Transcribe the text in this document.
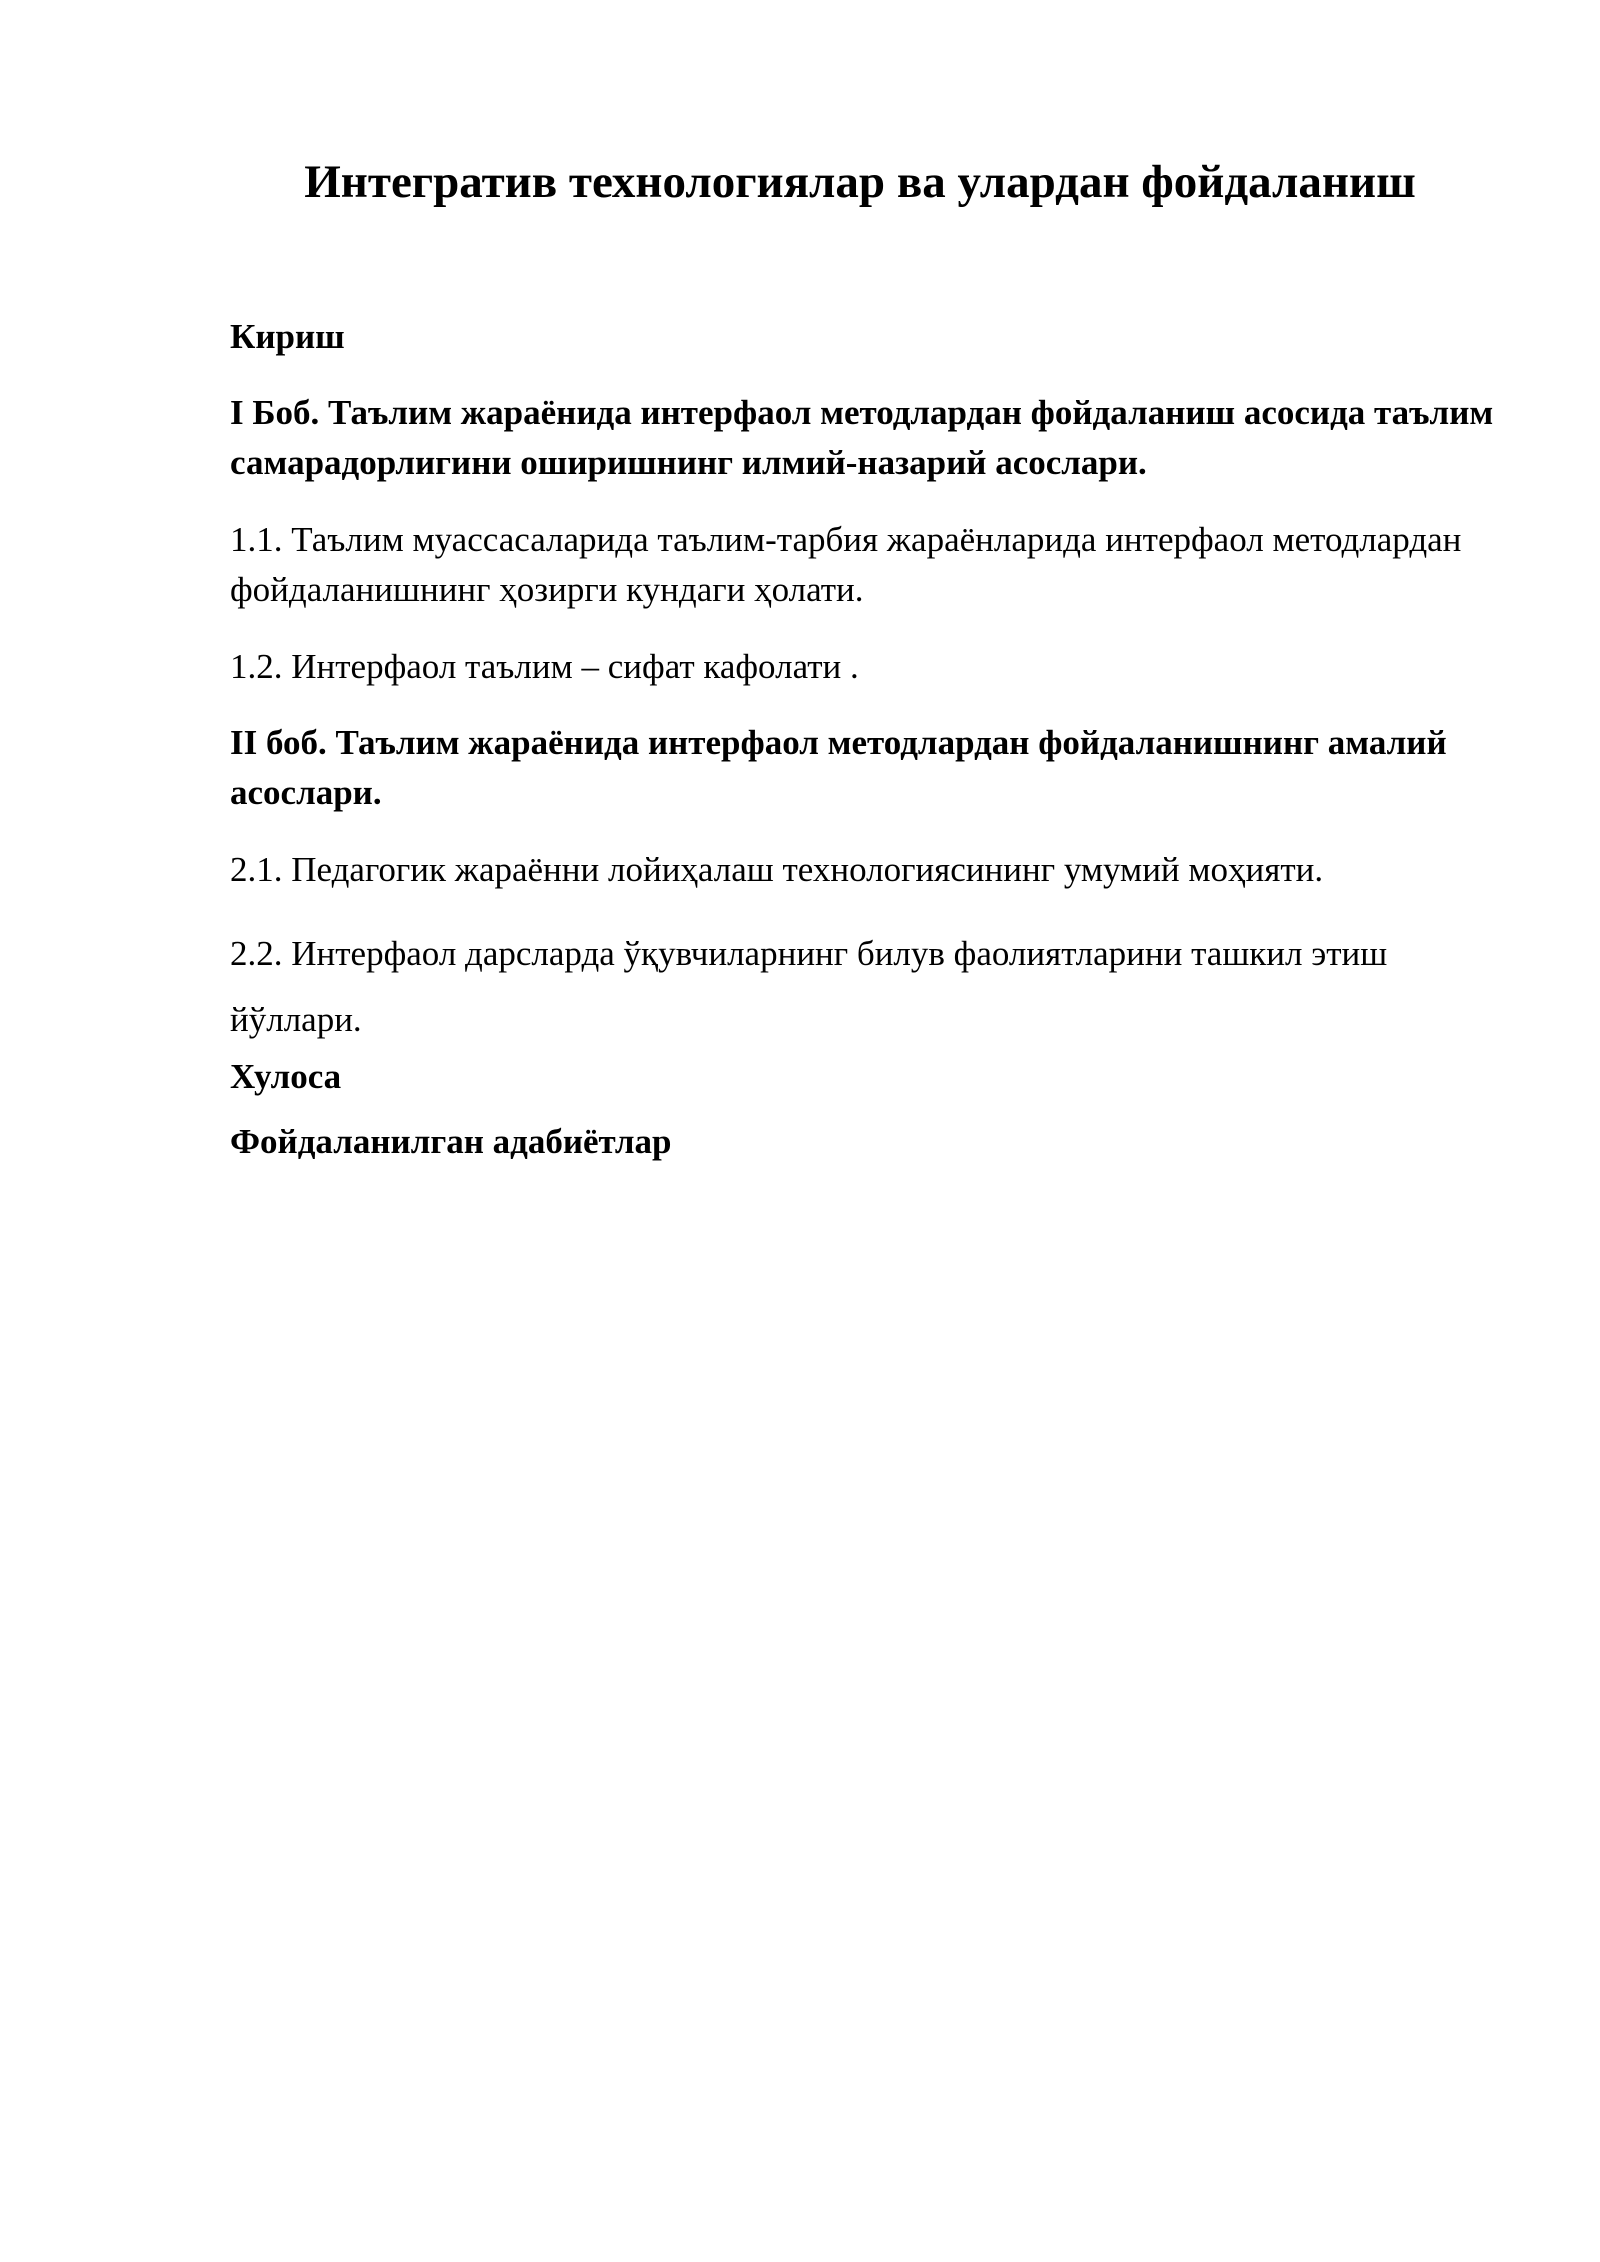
Интегратив технологиялар ва улардан фойдаланиш

Кириш

I Боб. Таълим жараёнида интерфаол методлардан фойдаланиш асосида таълим самарадорлигини оширишнинг илмий-назарий асослари.

1.1. Таълим муассасаларида таълим-тарбия жараёнларида интерфаол методлардан фойдаланишнинг ҳозирги кундаги ҳолати.

1.2. Интерфаол таълим – сифат кафолати .

II боб. Таълим жараёнида интерфаол методлардан фойдаланишнинг амалий асослари.

2.1. Педагогик жараённи лойиҳалаш технологиясининг умумий моҳияти.

2.2. Интерфаол дарсларда ўқувчиларнинг билув фаолиятларини ташкил этиш йўллари.

Хулоса

Фойдаланилган адабиётлар
